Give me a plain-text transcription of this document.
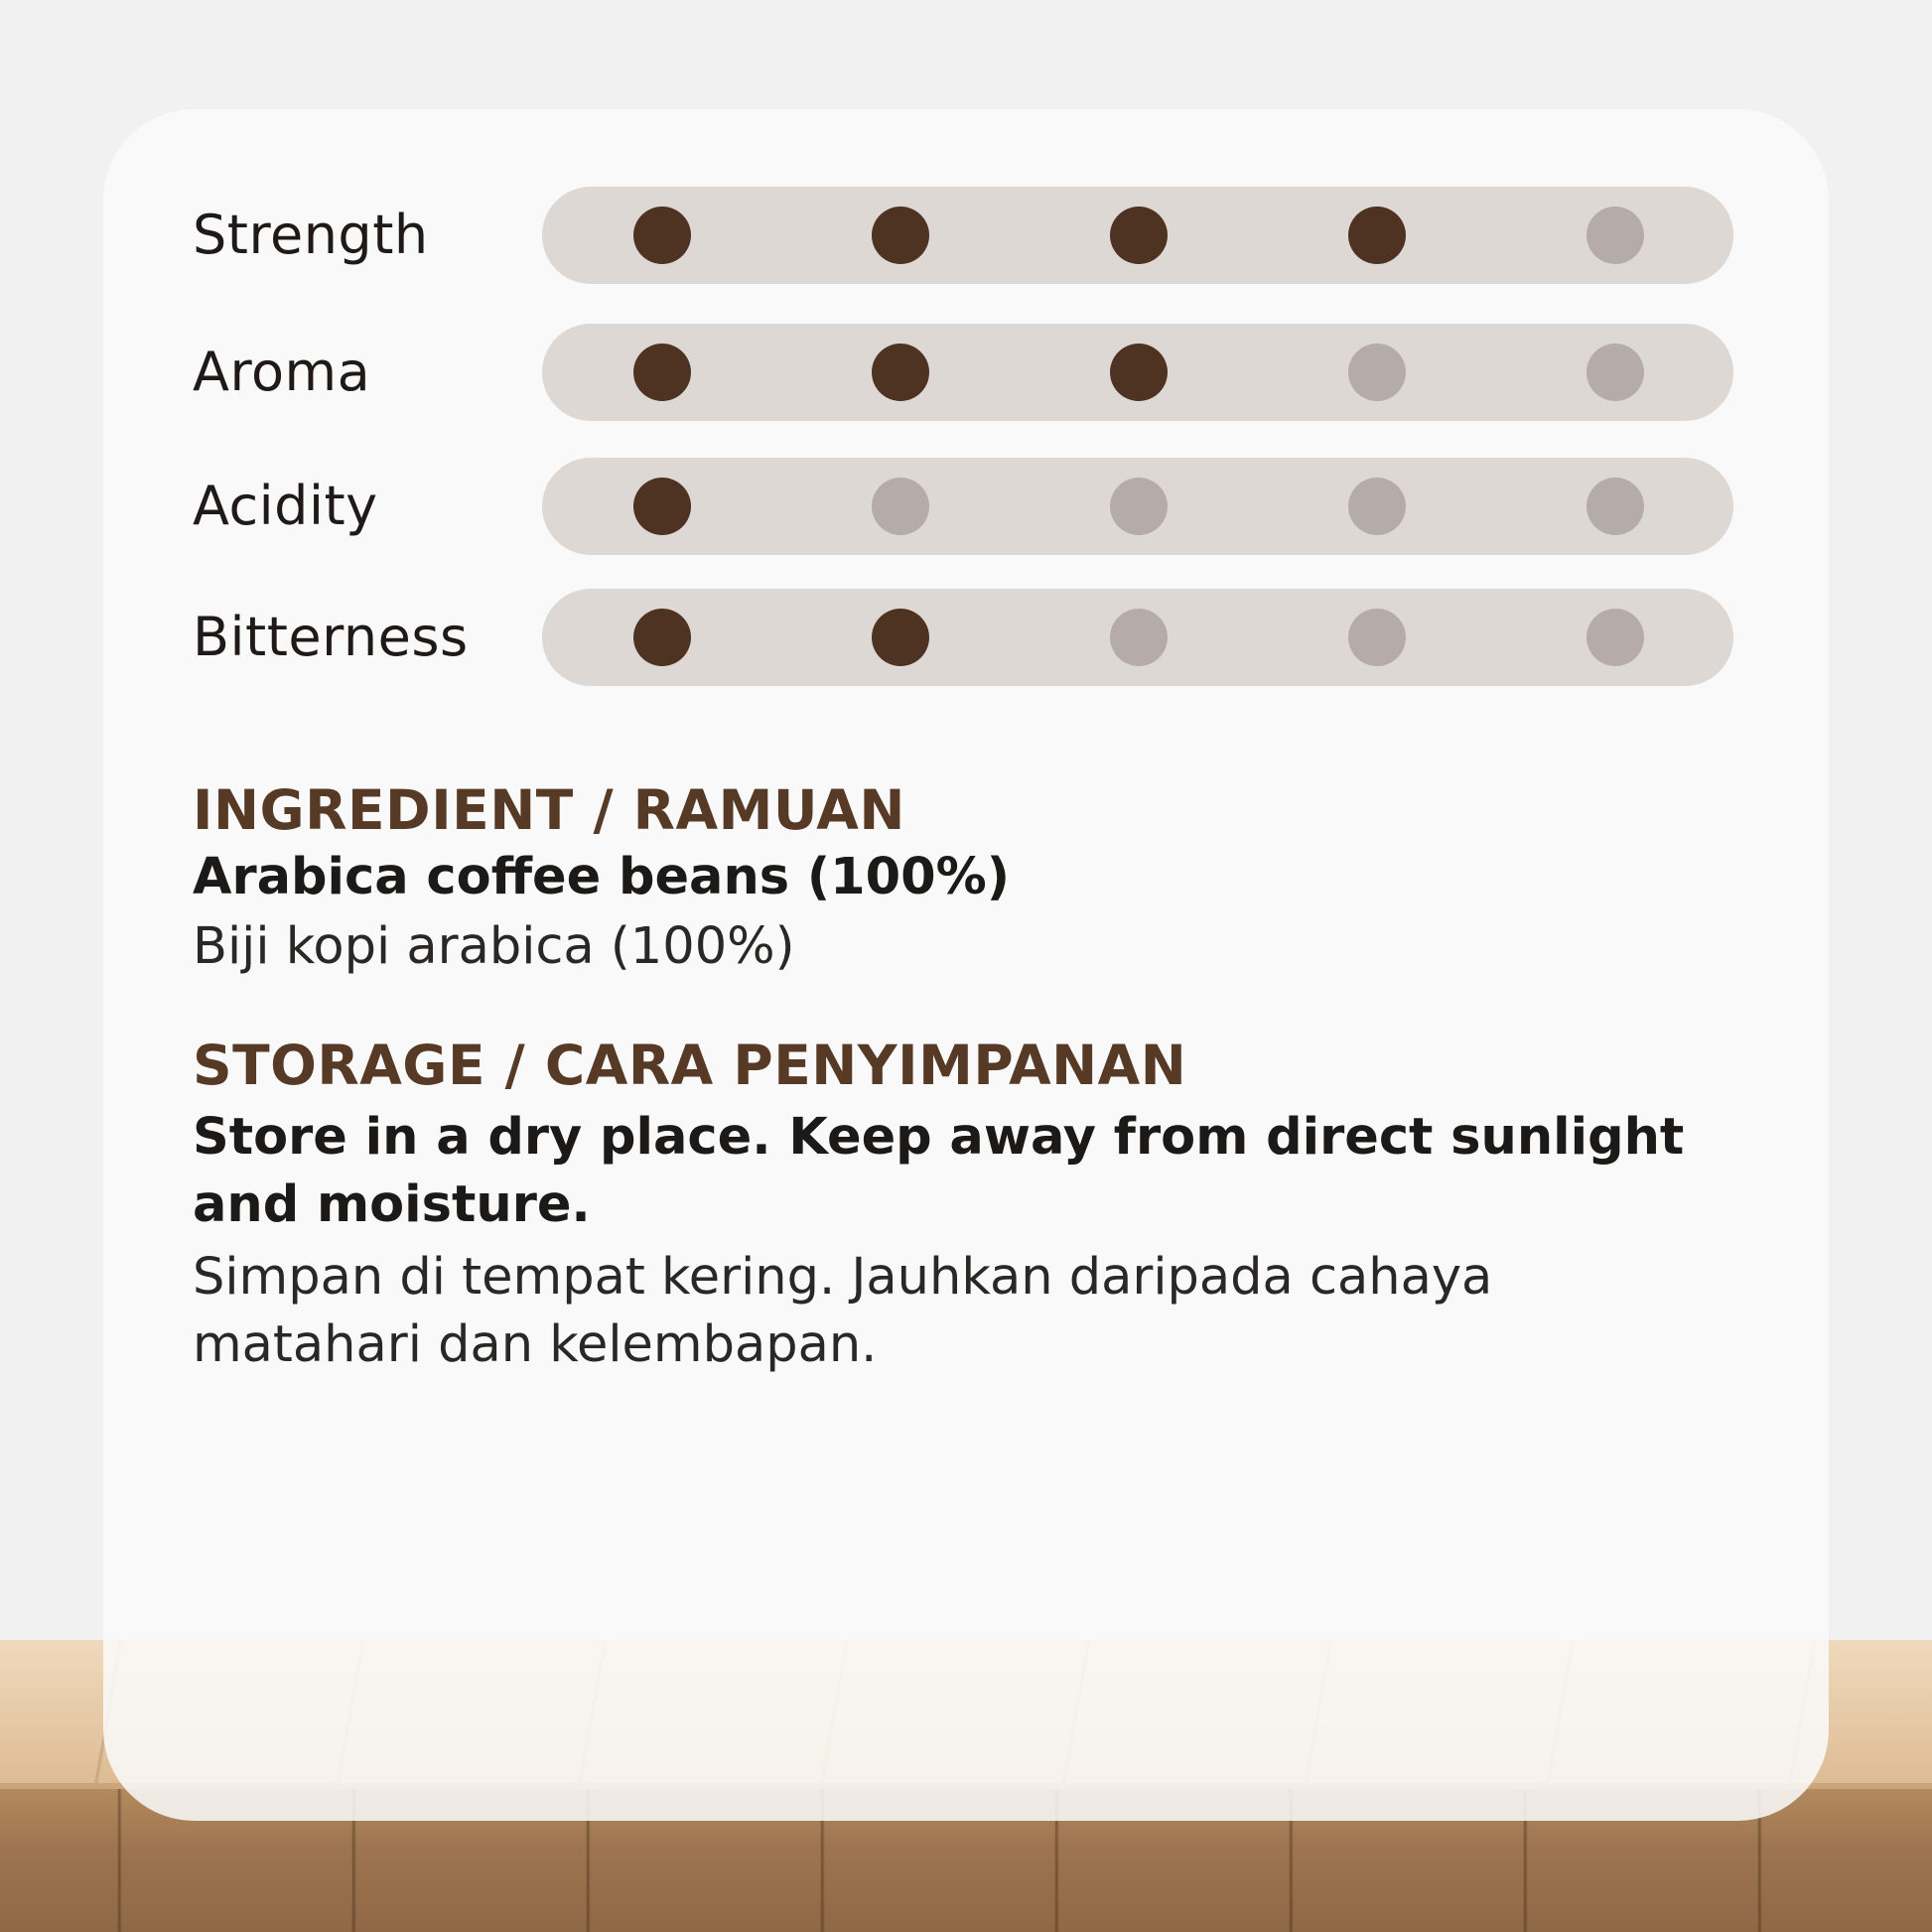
Strength
Aroma
Acidity
Bitterness
INGREDIENT / RAMUAN
Arabica coffee beans (100%)
Biji kopi arabica (100%)
STORAGE / CARA PENYIMPANAN
Store in a dry place. Keep away from direct sunlight and moisture.
Simpan di tempat kering. Jauhkan daripada cahaya matahari dan kelembapan.
